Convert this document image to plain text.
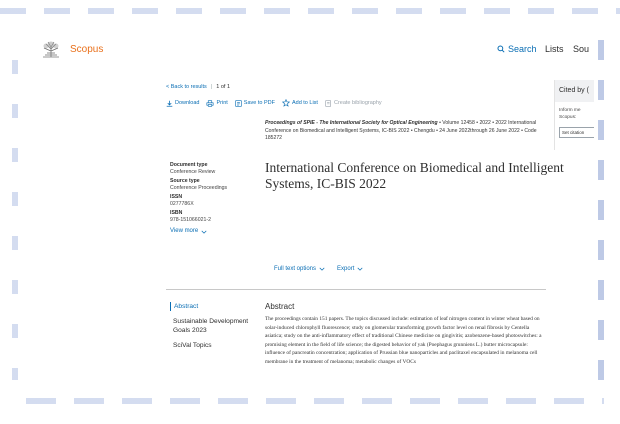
Scopus	Search Lists Sou
< Back to results | 1 of 1
Download	Print	Save to PDF	Add to List	Create bibliography
Proceedings of SPIE - The International Society for Optical Engineering • Volume 12458 • 2022 • 2022 International Conference on Biomedical and Intelligent Systems, IC-BIS 2022 • Chengdu • 24 June 2022through 26 June 2022 • Code 185272
Document type
Conference Review
Source type
Conference Proceedings
ISSN
0277786X
ISBN
978-151066021-2
View more
International Conference on Biomedical and Intelligent Systems, IC-BIS 2022
Full text options	Export
Abstract
Sustainable Development Goals 2023
SciVal Topics
Abstract
The proceedings contain 151 papers. The topics discussed include: estimation of leaf nitrogen content in winter wheat based on solar-induced chlorophyll fluorescence; study on glomerular transforming growth factor level on renal fibrosis by Centella asiatica; study on the anti-inflammatory effect of traditional Chinese medicine on gingivitis; azobenzene-based photoswitches: a promising element in the field of life science; the digested behavior of yak (Poephagus grunniens L.) butter microcapsule: influence of pancreatin concentration; application of Prussian blue nanoparticles and paclitaxel encapsulated in melanoma cell membrane in the treatment of melanoma; metabolic changes of VOCs
Cited by (
Inform me
Scopus:
Set citation
